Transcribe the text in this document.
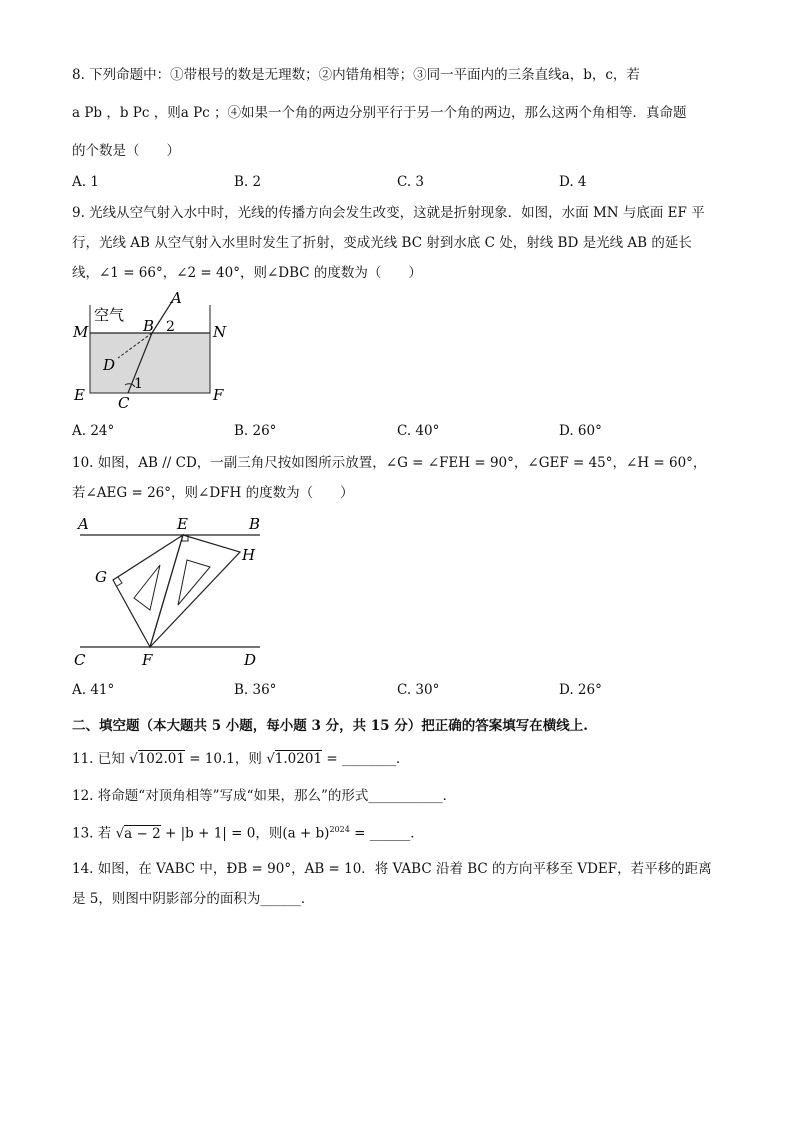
8. 下列命题中：①带根号的数是无理数；②内错角相等；③同一平面内的三条直线a，b，c，若
a Pb ，b Pc ，则a Pc ；④如果一个角的两边分别平行于另一个角的两边，那么这两个角相等．真命题
的个数是（　　）
A. 1	B. 2	C. 3	D. 4
9. 光线从空气射入水中时，光线的传播方向会发生改变，这就是折射现象．如图，水面 MN 与底面 EF 平
行，光线 AB 从空气射入水里时发生了折射，变成光线 BC 射到水底 C 处，射线 BD 是光线 AB 的延长
线，∠1 = 66°，∠2 = 40°，则∠DBC 的度数为（　　）
空气
A
B 2
M	N
D
1
E C	F
A. 24°	B. 26°	C. 40°	D. 60°
10. 如图，AB // CD，一副三角尺按如图所示放置，∠G = ∠FEH = 90°，∠GEF = 45°，∠H = 60°，
若∠AEG = 26°，则∠DFH 的度数为（　　）
A	E	B
G
H
C	F	D
A. 41°	B. 36°	C. 30°	D. 26°
二、填空题（本大题共 5 小题，每小题 3 分，共 15 分）把正确的答案填写在横线上.
11. 已知 √102.01 = 10.1，则 √1.0201 = ________．
12. 将命题“对顶角相等”写成“如果，那么”的形式___________．
13. 若 √a − 2 + |b + 1| = 0，则$(a + b)^{2024}$ = ______．
14. 如图，在 VABC 中，ÐB = 90°，AB = 10．将 VABC 沿着 BC 的方向平移至 VDEF，若平移的距离
是 5，则图中阴影部分的面积为______．
